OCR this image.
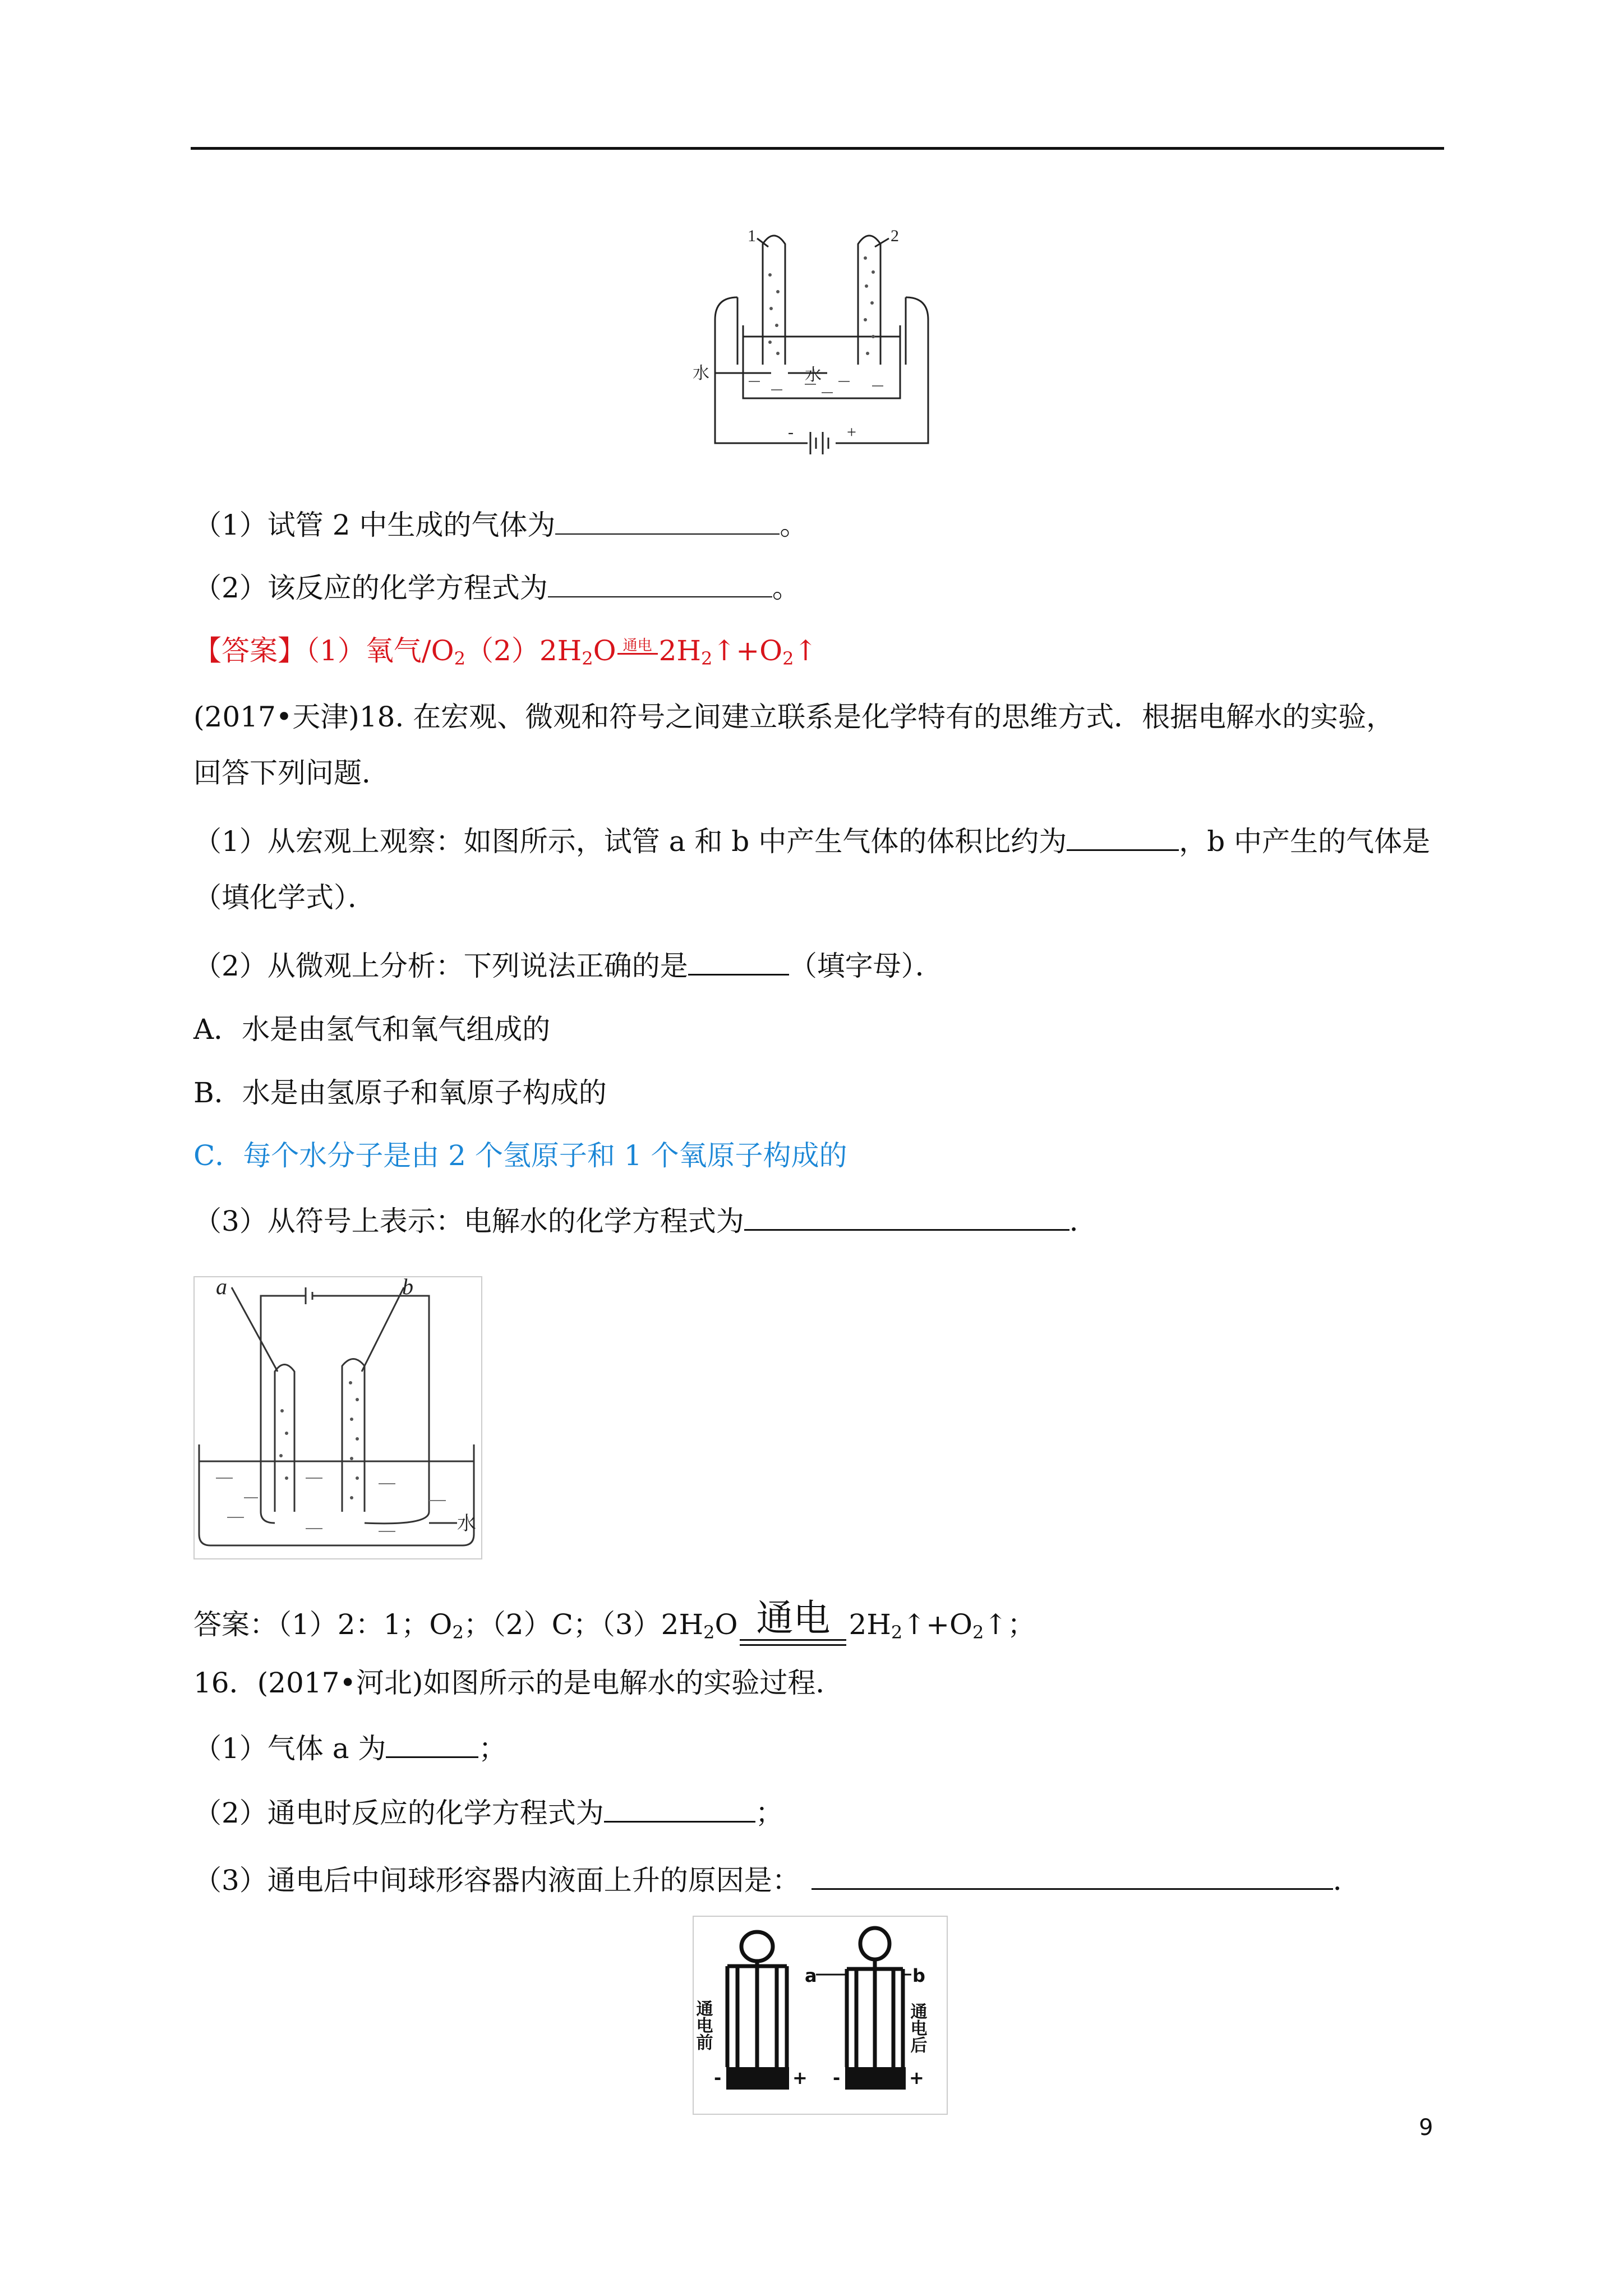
1	2
水	水
-	+
（1）试管 2 中生成的气体为	。
（2）该反应的化学方程式为	。
【答案】（1）氧气$/O_2(2)2H_2O$ 通电 $2H_2↑+O_2↑$
(2017•天津)18. 在宏观、微观和符号之间建立联系是化学特有的思维方式．根据电解水的实验，
回答下列问题．
（1）从宏观上观察：如图所示，试管 a 和 b 中产生气体的体积比约为	，b 中产生的气体是
（填化学式）．
（2）从微观上分析：下列说法正确的是	（填字母）．
A．水是由氢气和氧气组成的
B．水是由氢原子和氧原子构成的
C．每个水分子是由 2 个氢原子和 1 个氧原子构成的
（3）从符号上表示：电解水的化学方程式为	．
a	b
水
答案：（1）2：1；$O_2$；（2）C；$(3)2H_2O$ 通电 $2H_2↑+O_2↑$；
16．(2017•河北)如图所示的是电解水的实验过程．
（1）气体 a 为	；
（2）通电时反应的化学方程式为	；
（3）通电后中间球形容器内液面上升的原因是：	．
通电前	通电后
a	b
-	+ -	+
9
